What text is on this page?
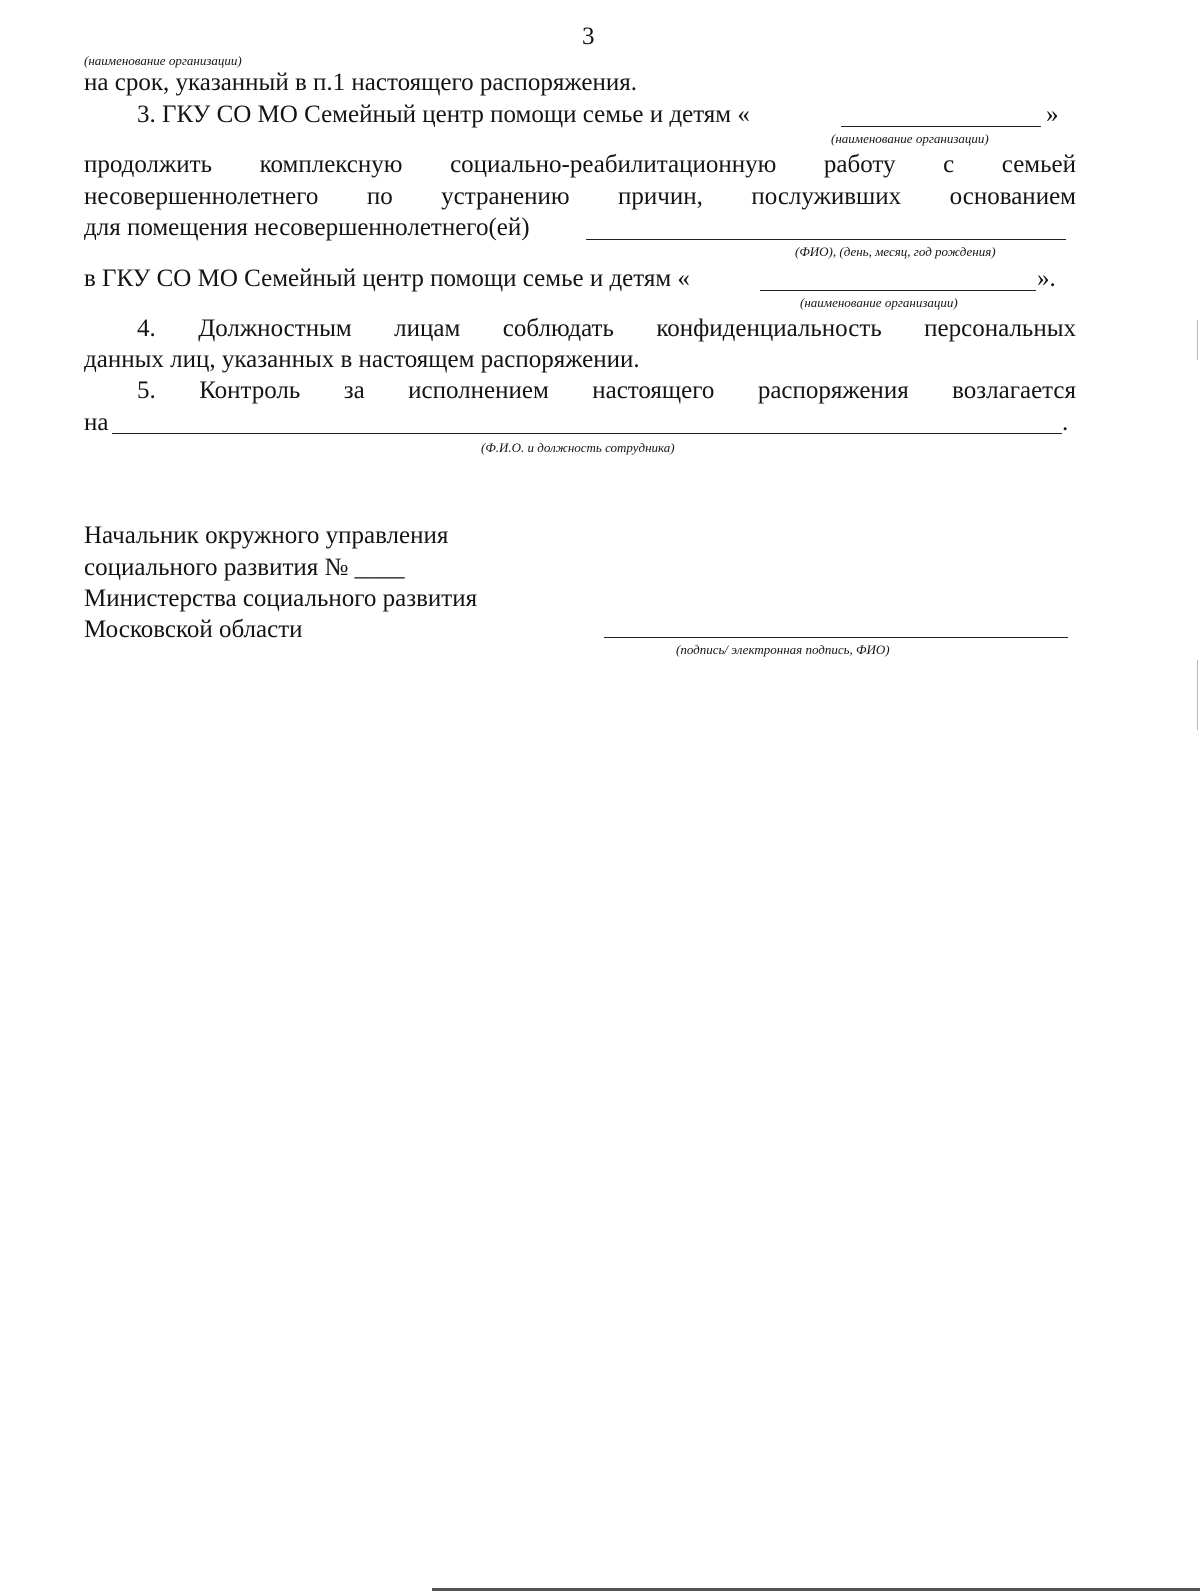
3
(наименование организации)
на срок, указанный в п.1 настоящего распоряжения.
3. ГКУ СО МО Семейный центр помощи семье и детям «	»
(наименование организации)
продолжить комплексную социально-реабилитационную работу с семьей
несовершеннолетнего по устранению причин, послуживших основанием
для помещения несовершеннолетнего(ей)
(ФИО), (день, месяц, год рождения)
в ГКУ СО МО Семейный центр помощи семье и детям «	».
(наименование организации)
4. Должностным лицам соблюдать конфиденциальность персональных
данных лиц, указанных в настоящем распоряжении.
5. Контроль за исполнением настоящего распоряжения возлагается
на	.
(Ф.И.О. и должность сотрудника)
Начальник окружного управления
социального развития № ____
Министерства социального развития
Московской области
(подпись/ электронная подпись, ФИО)
